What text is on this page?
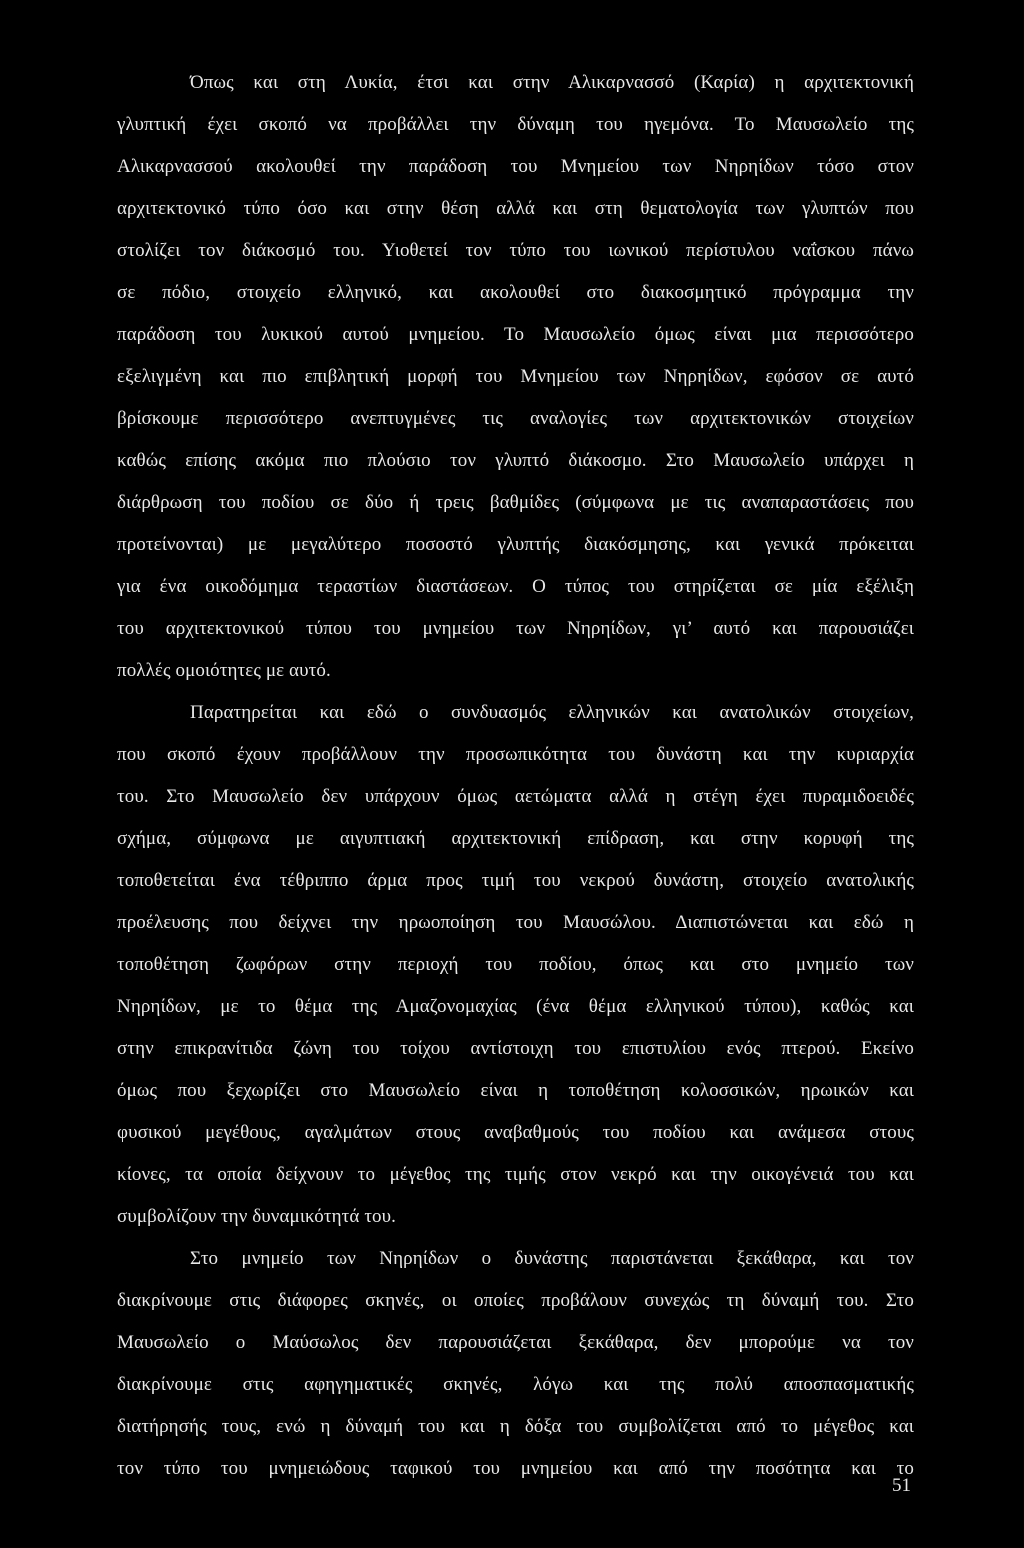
Όπως και στη Λυκία, έτσι και στην Αλικαρνασσό (Καρία) η αρχιτεκτονική
γλυπτική έχει σκοπό να προβάλλει την δύναμη του ηγεμόνα. Το Μαυσωλείο της
Αλικαρνασσού ακολουθεί την παράδοση του Μνημείου των Νηρηίδων τόσο στον
αρχιτεκτονικό τύπο όσο και στην θέση αλλά και στη θεματολογία των γλυπτών που
στολίζει τον διάκοσμό του. Υιοθετεί τον τύπο του ιωνικού περίστυλου ναΐσκου πάνω
σε πόδιο, στοιχείο ελληνικό, και ακολουθεί στο διακοσμητικό πρόγραμμα την
παράδοση του λυκικού αυτού μνημείου. Το Μαυσωλείο όμως είναι μια περισσότερο
εξελιγμένη και πιο επιβλητική μορφή του Μνημείου των Νηρηίδων, εφόσον σε αυτό
βρίσκουμε περισσότερο ανεπτυγμένες τις αναλογίες των αρχιτεκτονικών στοιχείων
καθώς επίσης ακόμα πιο πλούσιο τον γλυπτό διάκοσμο. Στο Μαυσωλείο υπάρχει η
διάρθρωση του ποδίου σε δύο ή τρεις βαθμίδες (σύμφωνα με τις αναπαραστάσεις που
προτείνονται) με μεγαλύτερο ποσοστό γλυπτής διακόσμησης, και γενικά πρόκειται
για ένα οικοδόμημα τεραστίων διαστάσεων. Ο τύπος του στηρίζεται σε μία εξέλιξη
του αρχιτεκτονικού τύπου του μνημείου των Νηρηίδων, γι’ αυτό και παρουσιάζει
πολλές ομοιότητες με αυτό.
Παρατηρείται και εδώ ο συνδυασμός ελληνικών και ανατολικών στοιχείων,
που σκοπό έχουν προβάλλουν την προσωπικότητα του δυνάστη και την κυριαρχία
του. Στο Μαυσωλείο δεν υπάρχουν όμως αετώματα αλλά η στέγη έχει πυραμιδοειδές
σχήμα, σύμφωνα με αιγυπτιακή αρχιτεκτονική επίδραση, και στην κορυφή της
τοποθετείται ένα τέθριππο άρμα προς τιμή του νεκρού δυνάστη, στοιχείο ανατολικής
προέλευσης που δείχνει την ηρωοποίηση του Μαυσώλου. Διαπιστώνεται και εδώ η
τοποθέτηση ζωφόρων στην περιοχή του ποδίου, όπως και στο μνημείο των
Νηρηίδων, με το θέμα της Αμαζονομαχίας (ένα θέμα ελληνικού τύπου), καθώς και
στην επικρανίτιδα ζώνη του τοίχου αντίστοιχη του επιστυλίου ενός πτερού. Εκείνο
όμως που ξεχωρίζει στο Μαυσωλείο είναι η τοποθέτηση κολοσσικών, ηρωικών και
φυσικού μεγέθους, αγαλμάτων στους αναβαθμούς του ποδίου και ανάμεσα στους
κίονες, τα οποία δείχνουν το μέγεθος της τιμής στον νεκρό και την οικογένειά του και
συμβολίζουν την δυναμικότητά του.
Στο μνημείο των Νηρηίδων ο δυνάστης παριστάνεται ξεκάθαρα, και τον
διακρίνουμε στις διάφορες σκηνές, οι οποίες προβάλουν συνεχώς τη δύναμή του. Στο
Μαυσωλείο ο Μαύσωλος δεν παρουσιάζεται ξεκάθαρα, δεν μπορούμε να τον
διακρίνουμε στις αφηγηματικές σκηνές, λόγω και της πολύ αποσπασματικής
διατήρησής τους, ενώ η δύναμή του και η δόξα του συμβολίζεται από το μέγεθος και
τον τύπο του μνημειώδους ταφικού του μνημείου και από την ποσότητα και το
51
